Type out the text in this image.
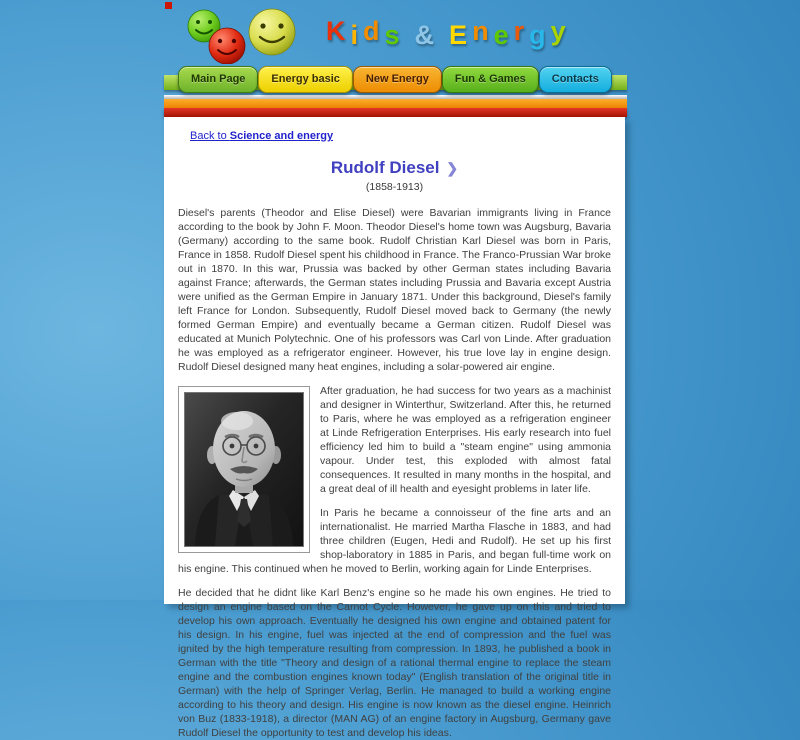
Kids & Energy
Main Page	Energy basic	New Energy	Fun & Games	Contacts
Back to Science and energy
Rudolf Diesel ❯
(1858-1913)

Diesel's parents (Theodor and Elise Diesel) were Bavarian immigrants living in France according to the book by John F. Moon. Theodor Diesel's home town was Augsburg, Bavaria (Germany) according to the same book. Rudolf Christian Karl Diesel was born in Paris, France in 1858. Rudolf Diesel spent his childhood in France. The Franco-Prussian War broke out in 1870. In this war, Prussia was backed by other German states including Bavaria against France; afterwards, the German states including Prussia and Bavaria except Austria were unified as the German Empire in January 1871. Under this background, Diesel's family left France for London. Subsequently, Rudolf Diesel moved back to Germany (the newly formed German Empire) and eventually became a German citizen. Rudolf Diesel was educated at Munich Polytechnic. One of his professors was Carl von Linde. After graduation he was employed as a refrigerator engineer. However, his true love lay in engine design. Rudolf Diesel designed many heat engines, including a solar-powered air engine.

After graduation, he had success for two years as a machinist and designer in Winterthur, Switzerland. After this, he returned to Paris, where he was employed as a refrigeration engineer at Linde Refrigeration Enterprises. His early research into fuel efficiency led him to build a "steam engine" using ammonia vapour. Under test, this exploded with almost fatal consequences. It resulted in many months in the hospital, and a great deal of ill health and eyesight problems in later life.

In Paris he became a connoisseur of the fine arts and an internationalist. He married Martha Flasche in 1883, and had three children (Eugen, Hedi and Rudolf). He set up his first shop-laboratory in 1885 in Paris, and began full-time work on his engine. This continued when he moved to Berlin, working again for Linde Enterprises.

He decided that he didnt like Karl Benz's engine so he made his own engines. He tried to design an engine based on the Carnot Cycle. However, he gave up on this and tried to develop his own approach. Eventually he designed his own engine and obtained patent for his design. In his engine, fuel was injected at the end of compression and the fuel was ignited by the high temperature resulting from compression. In 1893, he published a book in German with the title "Theory and design of a rational thermal engine to replace the steam engine and the combustion engines known today" (English translation of the original title in German) with the help of Springer Verlag, Berlin. He managed to build a working engine according to his theory and design. His engine is now known as the diesel engine. Heinrich von Buz (1833-1918), a director (MAN AG) of an engine factory in Augsburg, Germany gave Rudolf Diesel the opportunity to test and develop his ideas.
